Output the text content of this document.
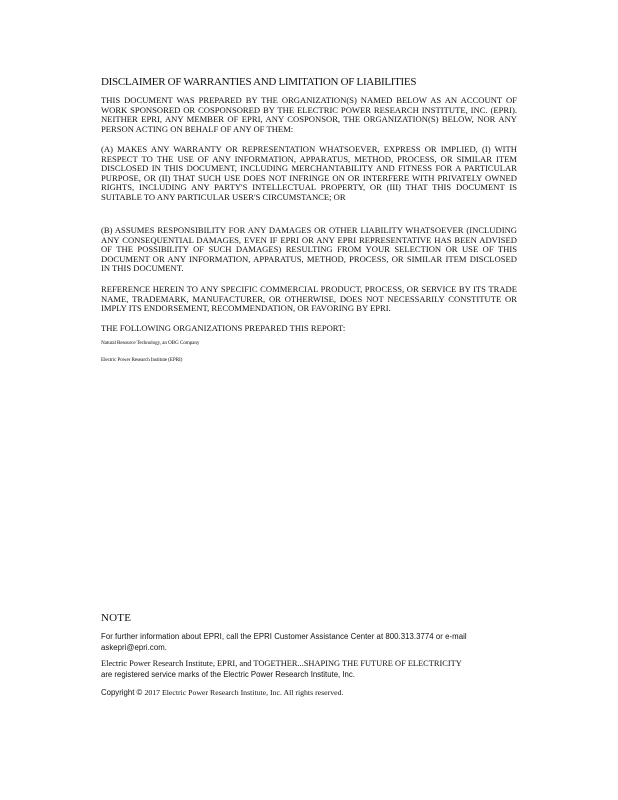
DISCLAIMER OF WARRANTIES AND LIMITATION OF LIABILITIES
THIS DOCUMENT WAS PREPARED BY THE ORGANIZATION(S) NAMED BELOW AS AN ACCOUNT OF WORK SPONSORED OR COSPONSORED BY THE ELECTRIC POWER RESEARCH INSTITUTE, INC. (EPRI). NEITHER EPRI, ANY MEMBER OF EPRI, ANY COSPONSOR, THE ORGANIZATION(S) BELOW, NOR ANY PERSON ACTING ON BEHALF OF ANY OF THEM:
(A) MAKES ANY WARRANTY OR REPRESENTATION WHATSOEVER, EXPRESS OR IMPLIED, (I) WITH RESPECT TO THE USE OF ANY INFORMATION, APPARATUS, METHOD, PROCESS, OR SIMILAR ITEM DISCLOSED IN THIS DOCUMENT, INCLUDING MERCHANTABILITY AND FITNESS FOR A PARTICULAR PURPOSE, OR (II) THAT SUCH USE DOES NOT INFRINGE ON OR INTERFERE WITH PRIVATELY OWNED RIGHTS, INCLUDING ANY PARTY'S INTELLECTUAL PROPERTY, OR (III) THAT THIS DOCUMENT IS SUITABLE TO ANY PARTICULAR USER'S CIRCUMSTANCE; OR
(B) ASSUMES RESPONSIBILITY FOR ANY DAMAGES OR OTHER LIABILITY WHATSOEVER (INCLUDING ANY CONSEQUENTIAL DAMAGES, EVEN IF EPRI OR ANY EPRI REPRESENTATIVE HAS BEEN ADVISED OF THE POSSIBILITY OF SUCH DAMAGES) RESULTING FROM YOUR SELECTION OR USE OF THIS DOCUMENT OR ANY INFORMATION, APPARATUS, METHOD, PROCESS, OR SIMILAR ITEM DISCLOSED IN THIS DOCUMENT.
REFERENCE HEREIN TO ANY SPECIFIC COMMERCIAL PRODUCT, PROCESS, OR SERVICE BY ITS TRADE NAME, TRADEMARK, MANUFACTURER, OR OTHERWISE, DOES NOT NECESSARILY CONSTITUTE OR IMPLY ITS ENDORSEMENT, RECOMMENDATION, OR FAVORING BY EPRI.
THE FOLLOWING ORGANIZATIONS PREPARED THIS REPORT:
Natural Resource Technology, an OBG Company
Electric Power Research Institute (EPRI)
NOTE
For further information about EPRI, call the EPRI Customer Assistance Center at 800.313.3774 or e-mail askepri@epri.com.
Electric Power Research Institute, EPRI, and TOGETHER...SHAPING THE FUTURE OF ELECTRICITY
are registered service marks of the Electric Power Research Institute, Inc.
Copyright © 2017 Electric Power Research Institute, Inc. All rights reserved.
